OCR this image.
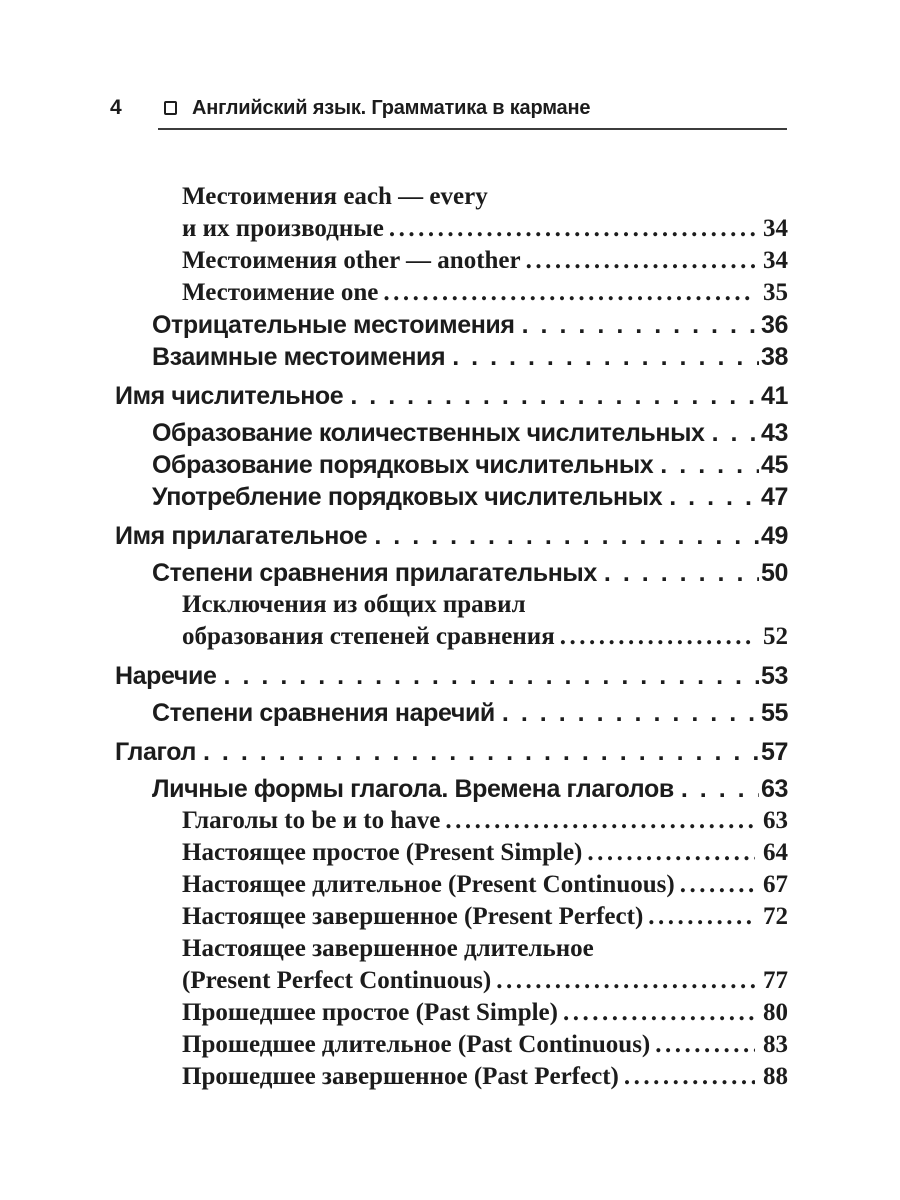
4	Английский язык. Грамматика в кармане
Местоимения each — every
и их производные .....	34
Местоимения other — another .....	34
Местоимение one .....	35
Отрицательные местоимения .....	36
Взаимные местоимения .....	38
Имя числительное .....	41
Образование количественных числительных ..... 43
Образование порядковых числительных .....	45
Употребление порядковых числительных .....	47
Имя прилагательное .....	49
Степени сравнения прилагательных .....	50
Исключения из общих правил
образования степеней сравнения .....	52
Наречие .....	53
Степени сравнения наречий .....	55
Глагол .....	57
Личные формы глагола. Времена глаголов .....	63
Глаголы to be и to have .....	63
Настоящее простое (Present Simple) .....	64
Настоящее длительное (Present Continuous) .....	67
Настоящее завершенное (Present Perfect) .....	72
Настоящее завершенное длительное
(Present Perfect Continuous) .....	77
Прошедшее простое (Past Simple) .....	80
Прошедшее длительное (Past Continuous) .....	83
Прошедшее завершенное (Past Perfect) .....	88
